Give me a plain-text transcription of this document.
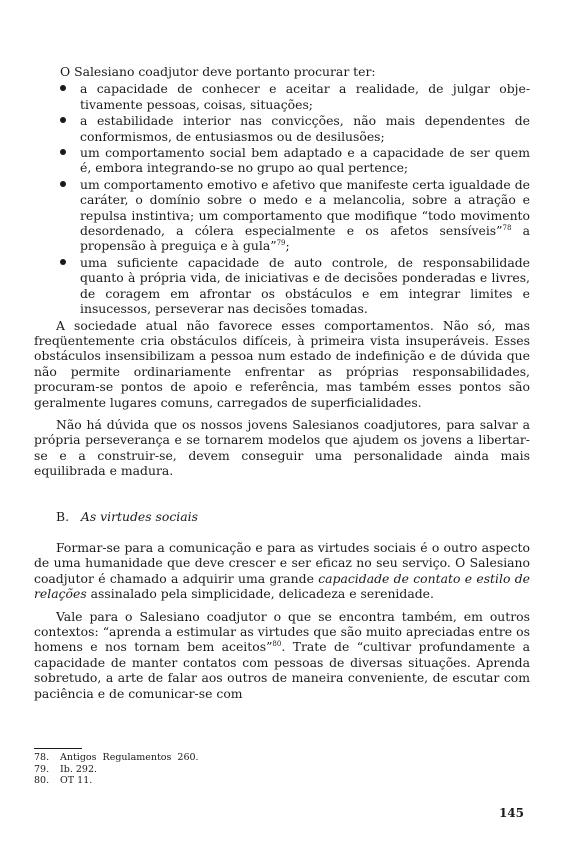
O Salesiano coadjutor deve portanto procurar ter:

a capacidade de conhecer e aceitar a realidade, de julgar objetivamente pessoas, coisas, situações;
a estabilidade interior nas convicções, não mais dependentes de conformismos, de entusiasmos ou de desilusões;
um comportamento social bem adaptado e a capacidade de ser quem é, embora integrando-se no grupo ao qual pertence;
um comportamento emotivo e afetivo que manifeste certa igualdade de caráter, o domínio sobre o medo e a melancolia, sobre a atração e repulsa instintiva; um comportamento que modifique “todo movimento desordenado, a cólera especialmente e os afetos sensíveis”$^{78}$ a propensão à preguiça e à gula”$^{79}$;
uma suficiente capacidade de auto controle, de responsabilidade quanto à própria vida, de iniciativas e de decisões ponderadas e livres, de coragem em afrontar os obstáculos e em integrar limites e insucessos, perseverar nas decisões tomadas.

A sociedade atual não favorece esses comportamentos. Não só, mas freqüentemente cria obstáculos difíceis, à primeira vista insuperáveis. Esses obstáculos insensibilizam a pessoa num estado de indefinição e de dúvida que não permite ordinariamente enfrentar as próprias responsabilidades, procuram-se pontos de apoio e referência, mas também esses pontos são geralmente lugares comuns, carregados de superficialidades.

Não há dúvida que os nossos jovens Salesianos coadjutores, para salvar a própria perseverança e se tornarem modelos que ajudem os jovens a libertar-se e a construir-se, devem conseguir uma personalidade ainda mais equilibrada e madura.

B. As virtudes sociais

Formar-se para a comunicação e para as virtudes sociais é o outro aspecto de uma humanidade que deve crescer e ser eficaz no seu serviço. O Salesiano coadjutor é chamado a adquirir uma grande capacidade de contato e estilo de relações assinalado pela simplicidade, delicadeza e serenidade.

Vale para o Salesiano coadjutor o que se encontra também, em outros contextos: “aprenda a estimular as virtudes que são muito apreciadas entre os homens e nos tornam bem aceitos”$^{80}$. Trate de “cultivar profundamente a capacidade de manter contatos com pessoas de diversas situações. Aprenda sobretudo, a arte de falar aos outros de maneira conveniente, de escutar com paciência e de comunicar-se com

78.	Antigos  Regulamentos  260.
79.	Ib. 292.
80.	OT 11.
145
